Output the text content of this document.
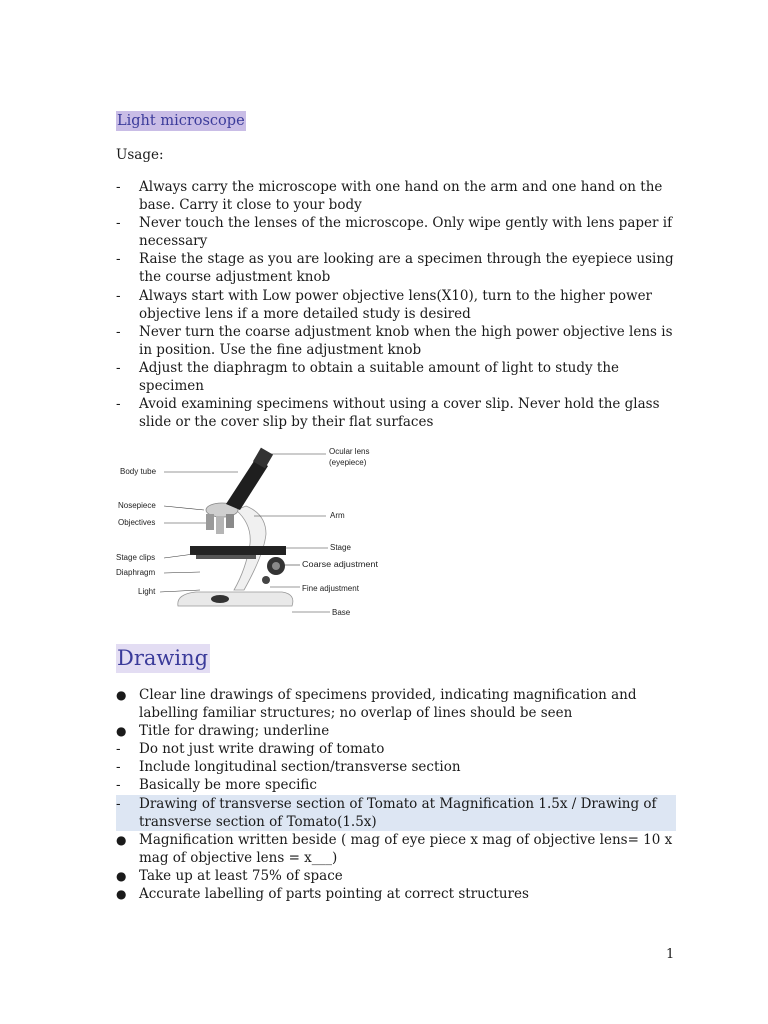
Light microscope
Usage:
-	Always carry the microscope with one hand on the arm and one hand on the base. Carry it close to your body
-	Never touch the lenses of the microscope. Only wipe gently with lens paper if necessary
-	Raise the stage as you are looking are a specimen through the eyepiece using the course adjustment knob
-	Always start with Low power objective lens(X10), turn to the higher power objective lens if a more detailed study is desired
-	Never turn the coarse adjustment knob when the high power objective lens is in position. Use the fine adjustment knob
-	Adjust the diaphragm to obtain a suitable amount of light to study the specimen
-	Avoid examining specimens without using a cover slip. Never hold the glass slide or the cover slip by their flat surfaces
Body tube
Nosepiece
Objectives
Stage clips
Diaphragm
Light
Ocular lens
(eyepiece)
Arm
Stage
Coarse adjustment
Fine adjustment
Base
Drawing
● Clear line drawings of specimens provided, indicating magnification and labelling familiar structures; no overlap of lines should be seen
● Title for drawing; underline
-	Do not just write drawing of tomato
-	Include longitudinal section/transverse section
-	Basically be more specific
-	Drawing of transverse section of Tomato at Magnification 1.5x / Drawing of transverse section of Tomato(1.5x)
● Magnification written beside ( mag of eye piece x mag of objective lens= 10 x mag of objective lens = x___)
● Take up at least 75% of space
● Accurate labelling of parts pointing at correct structures
1
